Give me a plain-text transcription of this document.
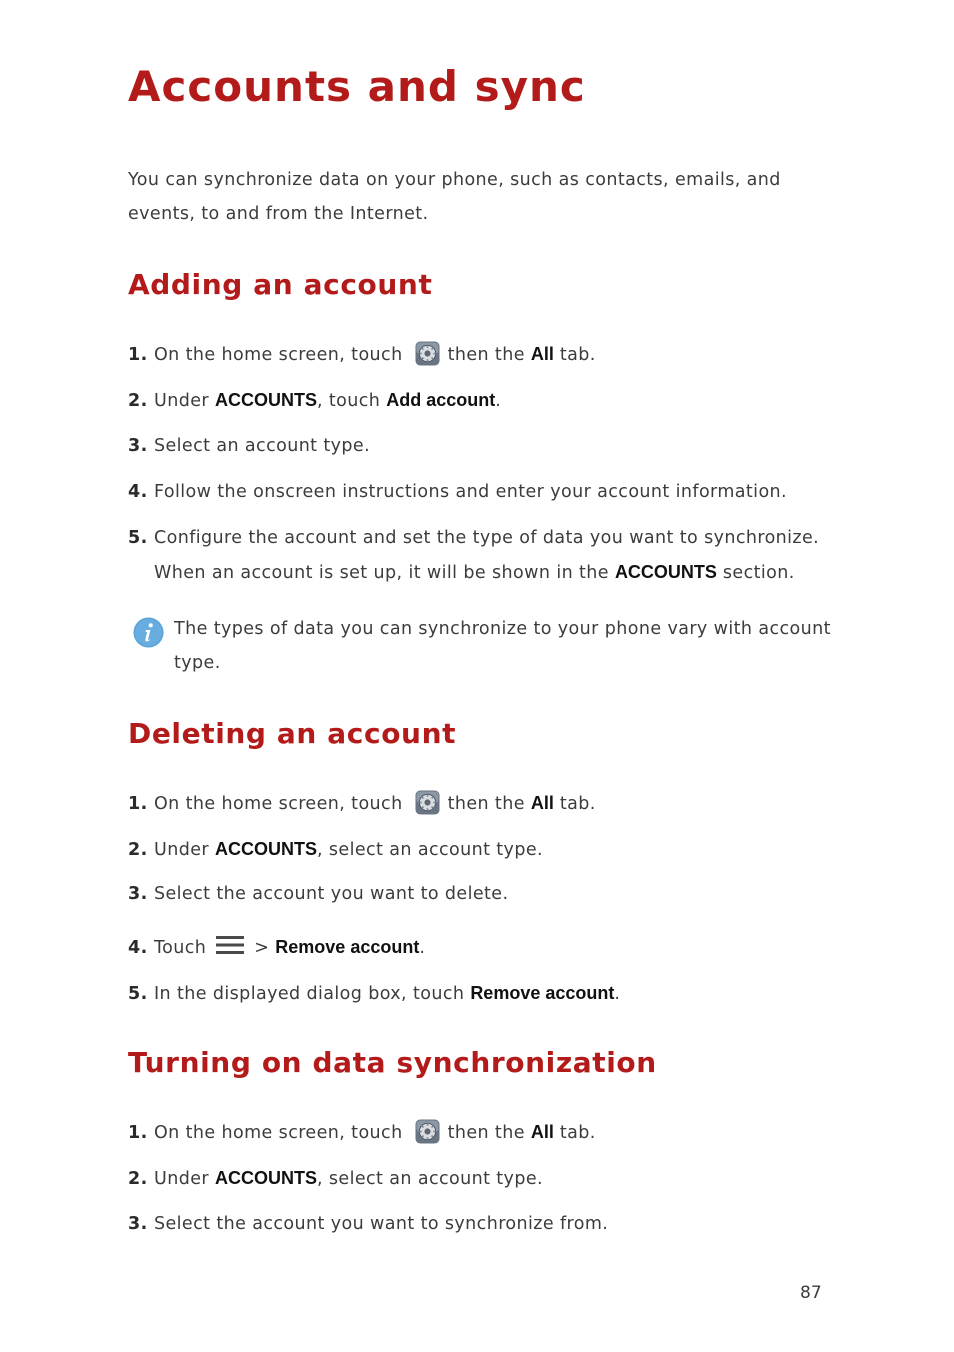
Accounts and sync
You can synchronize data on your phone, such as contacts, emails, and events, to and from the Internet.
Adding an account
1. On the home screen, touch	then the All tab.
2. Under ACCOUNTS, touch Add account.
3. Select an account type.
4. Follow the onscreen instructions and enter your account information.
5. Configure the account and set the type of data you want to synchronize.
When an account is set up, it will be shown in the ACCOUNTS section.
The types of data you can synchronize to your phone vary with account type.
Deleting an account
1. On the home screen, touch	then the All tab.
2. Under ACCOUNTS, select an account type.
3. Select the account you want to delete.
4. Touch	> Remove account.
5. In the displayed dialog box, touch Remove account.
Turning on data synchronization
1. On the home screen, touch	then the All tab.
2. Under ACCOUNTS, select an account type.
3. Select the account you want to synchronize from.
87
